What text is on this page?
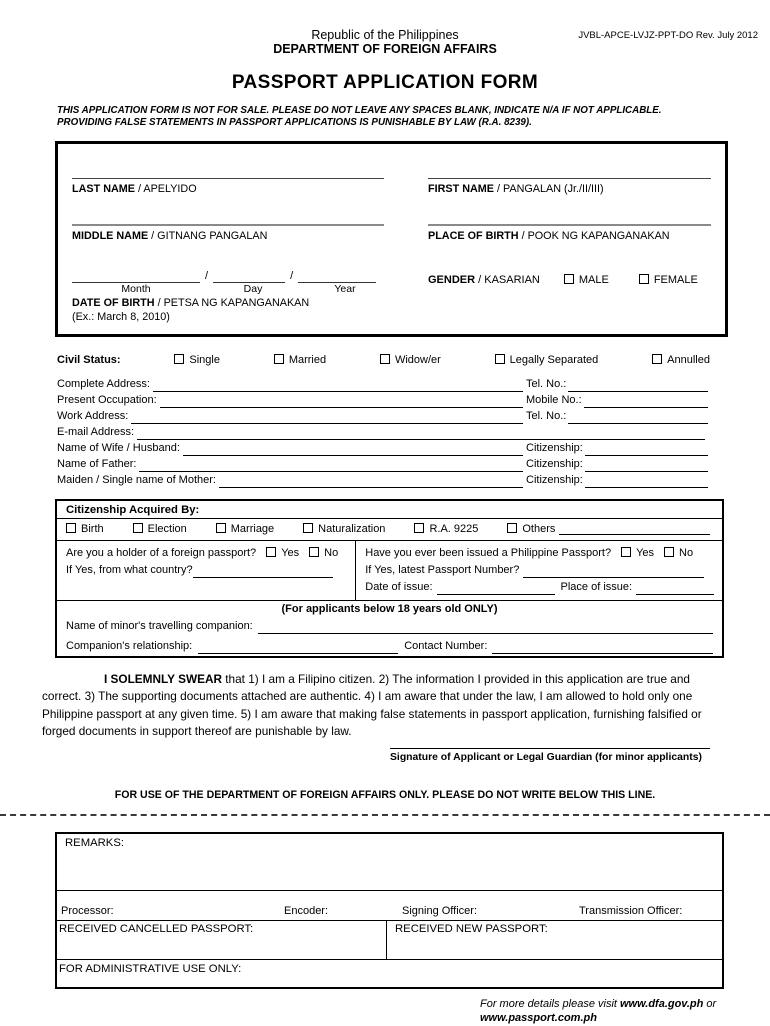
Republic of the Philippines
DEPARTMENT OF FOREIGN AFFAIRS
JVBL-APCE-LVJZ-PPT-DO Rev. July 2012
PASSPORT APPLICATION FORM
THIS APPLICATION FORM IS NOT FOR SALE. PLEASE DO NOT LEAVE ANY SPACES BLANK, INDICATE N/A IF NOT APPLICABLE. PROVIDING FALSE STATEMENTS IN PASSPORT APPLICATIONS IS PUNISHABLE BY LAW (R.A. 8239).
LAST NAME / APELYIDO	FIRST NAME / PANGALAN (Jr./II/III)
MIDDLE NAME / GITNANG PANGALAN	PLACE OF BIRTH / POOK NG KAPANGANAKAN
/	/
Month	Day	Year
DATE OF BIRTH / PETSA NG KAPANGANAKAN
(Ex.: March 8, 2010)
GENDER / KASARIAN	MALE	FEMALE
Civil Status:	Single	Married	Widow/er	Legally Separated	Annulled
Complete Address:	Tel. No.:
Present Occupation:	Mobile No.:
Work Address:	Tel. No.:
E-mail Address:
Name of Wife / Husband:	Citizenship:
Name of Father:	Citizenship:
Maiden / Single name of Mother:	Citizenship:
Citizenship Acquired By:
Birth	Election	Marriage	Naturalization	R.A. 9225	Others
Are you a holder of a foreign passport?	Yes	No
If Yes, from what country?
Have you ever been issued a Philippine Passport?	Yes	No
If Yes, latest Passport Number?
Date of issue:	Place of issue:
(For applicants below 18 years old ONLY)
Name of minor's travelling companion:
Companion's relationship:	Contact Number:

I SOLEMNLY SWEAR that 1) I am a Filipino citizen. 2) The information I provided in this application are true and correct. 3) The supporting documents attached are authentic. 4) I am aware that under the law, I am allowed to hold only one Philippine passport at any given time. 5) I am aware that making false statements in passport application, furnishing falsified or forged documents in support thereof are punishable by law.

Signature of Applicant or Legal Guardian (for minor applicants)
FOR USE OF THE DEPARTMENT OF FOREIGN AFFAIRS ONLY. PLEASE DO NOT WRITE BELOW THIS LINE.
REMARKS:
Processor:	Encoder:	Signing Officer:	Transmission Officer:
RECEIVED CANCELLED PASSPORT:	RECEIVED NEW PASSPORT:
FOR ADMINISTRATIVE USE ONLY:
For more details please visit www.dfa.gov.ph or
www.passport.com.ph
